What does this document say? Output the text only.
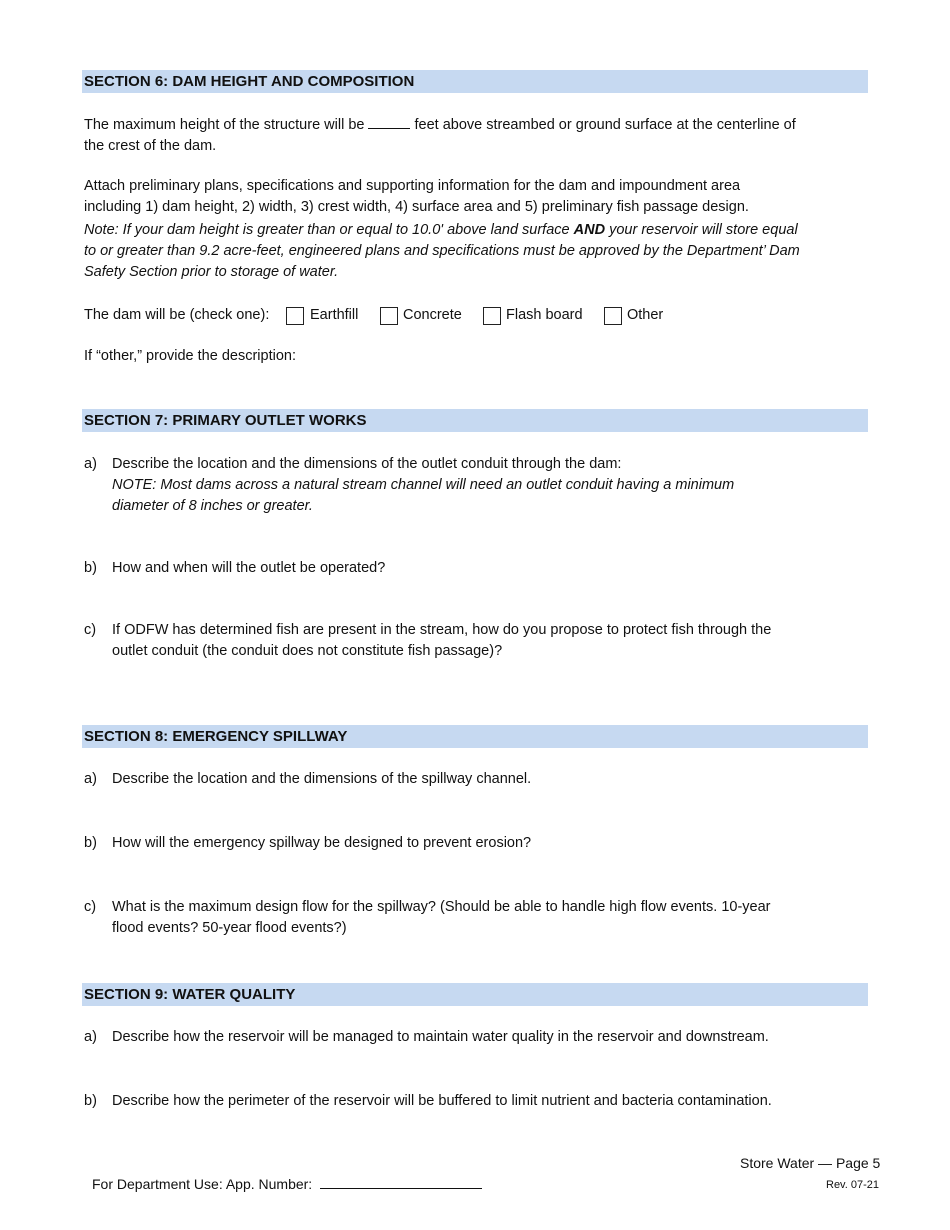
SECTION 6: DAM HEIGHT AND COMPOSITION
The maximum height of the structure will be	feet above streambed or ground surface at the centerline of
the crest of the dam.
Attach preliminary plans, specifications and supporting information for the dam and impoundment area
including 1) dam height, 2) width, 3) crest width, 4) surface area and 5) preliminary fish passage design.
Note: If your dam height is greater than or equal to 10.0' above land surface AND your reservoir will store equal
to or greater than 9.2 acre-feet, engineered plans and specifications must be approved by the Department’ Dam
Safety Section prior to storage of water.
The dam will be (check one):	Earthfill	Concrete	Flash board	Other
If “other,” provide the description:
SECTION 7: PRIMARY OUTLET WORKS
a) Describe the location and the dimensions of the outlet conduit through the dam:
NOTE: Most dams across a natural stream channel will need an outlet conduit having a minimum
diameter of 8 inches or greater.
b) How and when will the outlet be operated?
c) If ODFW has determined fish are present in the stream, how do you propose to protect fish through the
outlet conduit (the conduit does not constitute fish passage)?
SECTION 8: EMERGENCY SPILLWAY
a) Describe the location and the dimensions of the spillway channel.
b) How will the emergency spillway be designed to prevent erosion?
c) What is the maximum design flow for the spillway? (Should be able to handle high flow events. 10-year
flood events? 50-year flood events?)
SECTION 9: WATER QUALITY
a) Describe how the reservoir will be managed to maintain water quality in the reservoir and downstream.
b) Describe how the perimeter of the reservoir will be buffered to limit nutrient and bacteria contamination.
Store Water — Page 5
For Department Use: App. Number:	Rev. 07-21
